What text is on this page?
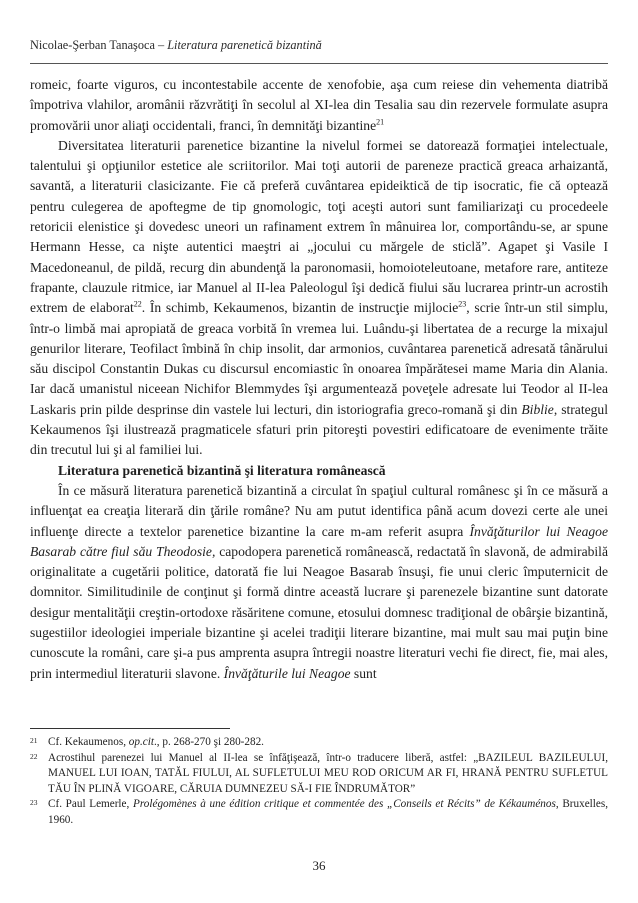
Nicolae-Şerban Tanaşoca – Literatura parenetică bizantină

romeic, foarte viguros, cu incontestabile accente de xenofobie, aşa cum reiese din vehementa diatribă împotriva vlahilor, aromânii răzvrătiţi în secolul al XI-lea din Tesalia sau din rezervele formulate asupra promovării unor aliaţi occidentali, franci, în demnităţi bizantine$^{21}$

Diversitatea literaturii parenetice bizantine la nivelul formei se datorează formaţiei intelectuale, talentului şi opţiunilor estetice ale scriitorilor. Mai toţi autorii de pareneze practică greaca arhaizantă, savantă, a literaturii clasicizante. Fie că preferă cuvântarea epideiktică de tip isocratic, fie că optează pentru culegerea de apoftegme de tip gnomologic, toţi aceşti autori sunt familiarizaţi cu procedeele retoricii elenistice şi dovedesc uneori un rafinament extrem în mânuirea lor, comportându-se, ar spune Hermann Hesse, ca nişte autentici maeştri ai „jocului cu mărgele de sticlă”. Agapet şi Vasile I Macedoneanul, de pildă, recurg din abundenţă la paronomasii, homoioteleutoane, metafore rare, antiteze frapante, clauzule ritmice, iar Manuel al II-lea Paleologul îşi dedică fiului său lucrarea printr-un acrostih extrem de elaborat$^{22}$. În schimb, Kekaumenos, bizantin de instrucţie mijlocie$^{23}$, scrie într-un stil simplu, într-o limbă mai apropiată de greaca vorbită în vremea lui. Luându-şi libertatea de a recurge la mixajul genurilor literare, Teofilact îmbină în chip insolit, dar armonios, cuvântarea parenetică adresată tânărului său discipol Constantin Dukas cu discursul encomiastic în onoarea împărătesei mame Maria din Alania. Iar dacă umanistul niceean Nichifor Blemmydes îşi argumentează poveţele adresate lui Teodor al II-lea Laskaris prin pilde desprinse din vastele lui lecturi, din istoriografia greco-romană şi din Biblie, strategul Kekaumenos îşi ilustrează pragmaticele sfaturi prin pitoreşti povestiri edificatoare de evenimente trăite din trecutul lui şi al familiei lui.

Literatura parenetică bizantină şi literatura românească

În ce măsură literatura parenetică bizantină a circulat în spaţiul cultural românesc şi în ce măsură a influenţat ea creaţia literară din ţările române? Nu am putut identifica până acum dovezi certe ale unei influenţe directe a textelor parenetice bizantine la care m-am referit asupra Învăţăturilor lui Neagoe Basarab către fiul său Theodosie, capodopera parenetică românească, redactată în slavonă, de admirabilă originalitate a cugetării politice, datorată fie lui Neagoe Basarab însuşi, fie unui cleric împuternicit de domnitor. Similitudinile de conţinut şi formă dintre această lucrare şi parenezele bizantine sunt datorate desigur mentalităţii creştin-ortodoxe răsăritene comune, etosului domnesc tradiţional de obârşie bizantină, sugestiilor ideologiei imperiale bizantine şi acelei tradiţii literare bizantine, mai mult sau mai puţin bine cunoscute la români, care şi-a pus amprenta asupra întregii noastre literaturi vechi fie direct, fie, mai ales, prin intermediul literaturii slavone. Învăţăturile lui Neagoe sunt

21 Cf. Kekaumenos, op.cit., p. 268-270 şi 280-282.
22 Acrostihul parenezei lui Manuel al II-lea se înfăţişează, într-o traducere liberă, astfel: „BAZILEUL BAZILEULUI, MANUEL LUI IOAN, TATĂL FIULUI, AL SUFLETULUI MEU ROD ORICUM AR FI, HRANĂ PENTRU SUFLETUL TĂU ÎN PLINĂ VIGOARE, CĂRUIA DUMNEZEU SĂ-I FIE ÎNDRUMĂTOR”
23 Cf. Paul Lemerle, Prolégomènes à une édition critique et commentée des „Conseils et Récits” de Kékauménos, Bruxelles, 1960.
36
